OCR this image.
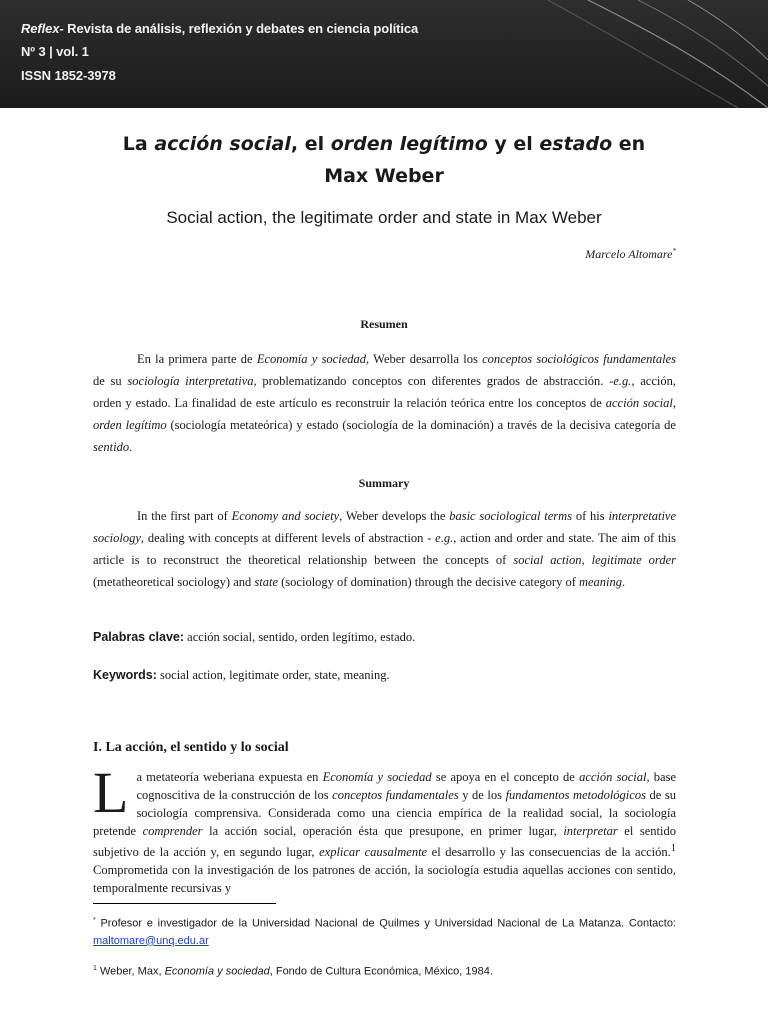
Reflex- Revista de análisis, reflexión y debates en ciencia política
Nº 3 | vol. 1
ISSN 1852-3978
La acción social, el orden legítimo y el estado en
Max Weber
Social action, the legitimate order and state in Max Weber
Marcelo Altomare*
Resumen

En la primera parte de Economía y sociedad, Weber desarrolla los conceptos sociológicos fundamentales de su sociología interpretativa, problematizando conceptos con diferentes grados de abstracción. -e.g., acción, orden y estado. La finalidad de este artículo es reconstruir la relación teórica entre los conceptos de acción social, orden legítimo (sociología metateórica) y estado (sociología de la dominación) a través de la decisiva categoría de sentido.

Summary

In the first part of Economy and society, Weber develops the basic sociological terms of his interpretative sociology, dealing with concepts at different levels of abstraction - e.g., action and order and state. The aim of this article is to reconstruct the theoretical relationship between the concepts of social action, legitimate order (metatheoretical sociology) and state (sociology of domination) through the decisive category of meaning.

Palabras clave: acción social, sentido, orden legítimo, estado.
Keywords: social action, legitimate order, state, meaning.
I. La acción, el sentido y lo social
La metateoría weberiana expuesta en Economía y sociedad se apoya en el concepto de acción social, base cognoscitiva de la construcción de los conceptos fundamentales y de los fundamentos metodológicos de su sociología comprensiva. Considerada como una ciencia empírica de la realidad social, la sociología pretende comprender la acción social, operación ésta que presupone, en primer lugar, interpretar el sentido subjetivo de la acción y, en segundo lugar, explicar causalmente el desarrollo y las consecuencias de la acción.$^1$ Comprometida con la investigación de los patrones de acción, la sociología estudia aquellas acciones con sentido, temporalmente recursivas y
* Profesor e investigador de la Universidad Nacional de Quilmes y Universidad Nacional de La Matanza. Contacto: maltomare@unq.edu.ar
$^1$ Weber, Max, Economía y sociedad, Fondo de Cultura Económica, México, 1984.
